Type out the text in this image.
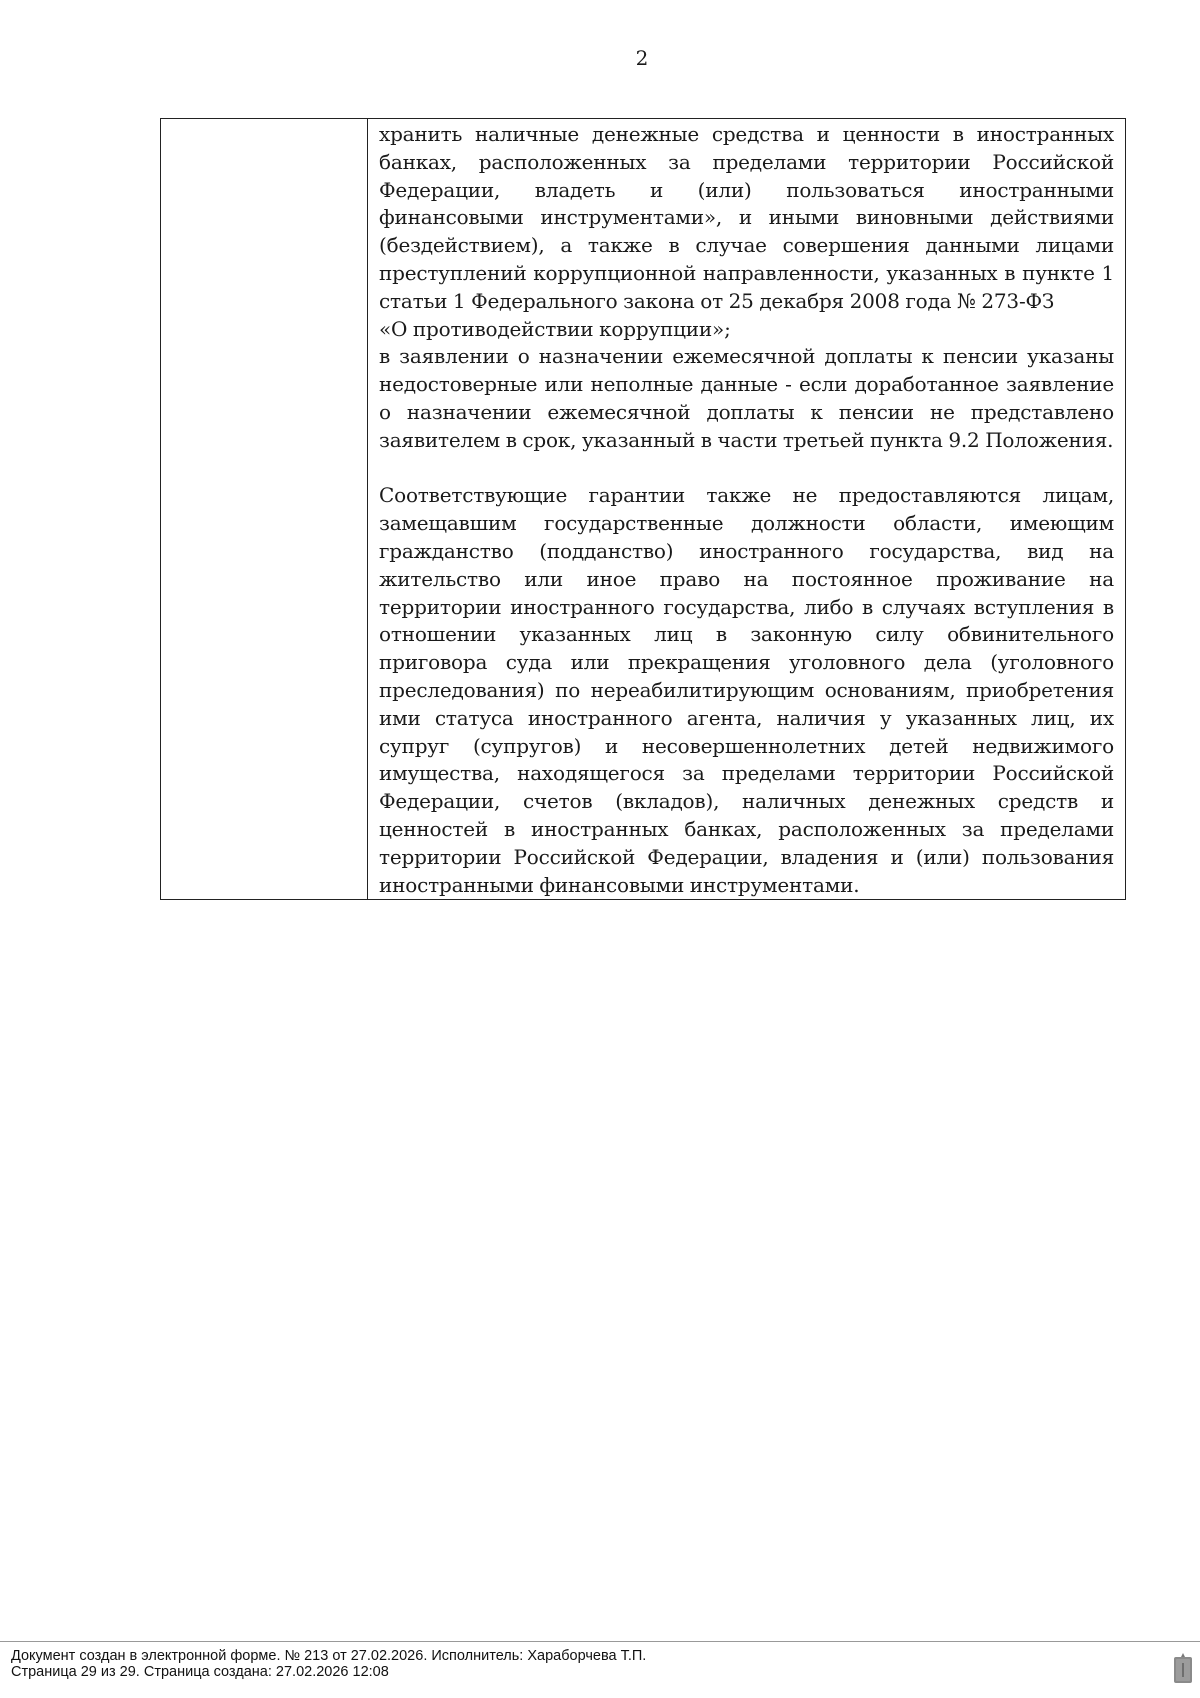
2

хранить наличные денежные средства и ценности в иностранных банках, расположенных за пределами территории Российской Федерации, владеть и (или) пользоваться иностранными финансовыми инструментами», и иными виновными действиями (бездействием), а также в случае совершения данными лицами преступлений коррупционной направленности, указанных в пункте 1 статьи 1 Федерального закона от 25 декабря 2008 года № 273-ФЗ

«О противодействии коррупции»;

в заявлении о назначении ежемесячной доплаты к пенсии указаны недостоверные или неполные данные - если доработанное заявление о назначении ежемесячной доплаты к пенсии не представлено заявителем в срок, указанный в части третьей пункта 9.2 Положения.

Соответствующие гарантии также не предоставляются лицам, замещавшим государственные должности области, имеющим гражданство (подданство) иностранного государства, вид на жительство или иное право на постоянное проживание на территории иностранного государства, либо в случаях вступления в отношении указанных лиц в законную силу обвинительного приговора суда или прекращения уголовного дела (уголовного преследования) по нереабилитирующим основаниям, приобретения ими статуса иностранного агента, наличия у указанных лиц, их супруг (супругов) и несовершеннолетних детей недвижимого имущества, находящегося за пределами территории Российской Федерации, счетов (вкладов), наличных денежных средств и ценностей в иностранных банках, расположенных за пределами территории Российской Федерации, владения и (или) пользования иностранными финансовыми инструментами.

Документ создан в электронной форме. № 213 от 27.02.2026. Исполнитель: Хараборчева Т.П.
Страница 29 из 29. Страница создана: 27.02.2026 12:08
